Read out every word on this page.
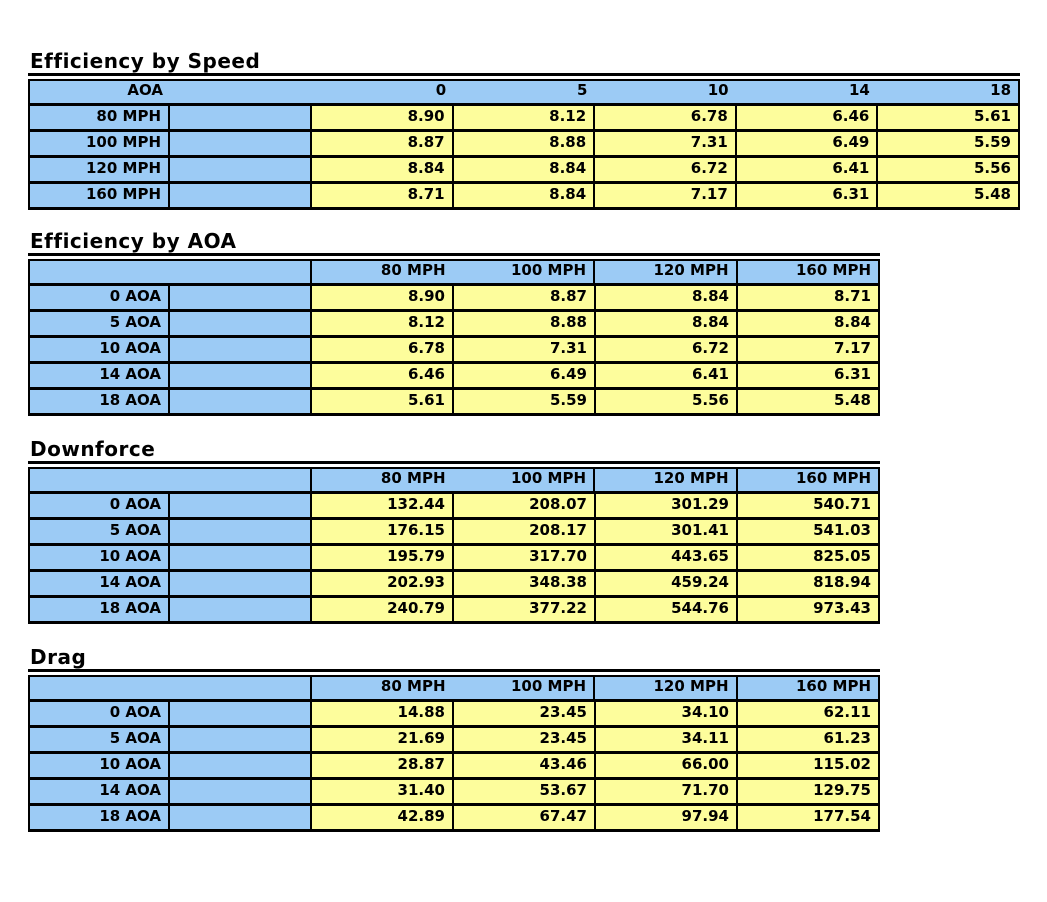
Efficiency by Speed
AOA	0	5	10	14	18
80 MPH	8.90	8.12	6.78	6.46	5.61
100 MPH	8.87	8.88	7.31	6.49	5.59
120 MPH	8.84	8.84	6.72	6.41	5.56
160 MPH	8.71	8.84	7.17	6.31	5.48
Efficiency by AOA
80 MPH	100 MPH	120 MPH	160 MPH
0 AOA	8.90	8.87	8.84	8.71
5 AOA	8.12	8.88	8.84	8.84
10 AOA	6.78	7.31	6.72	7.17
14 AOA	6.46	6.49	6.41	6.31
18 AOA	5.61	5.59	5.56	5.48
Downforce
80 MPH	100 MPH	120 MPH	160 MPH
0 AOA	132.44	208.07	301.29	540.71
5 AOA	176.15	208.17	301.41	541.03
10 AOA	195.79	317.70	443.65	825.05
14 AOA	202.93	348.38	459.24	818.94
18 AOA	240.79	377.22	544.76	973.43
Drag
80 MPH	100 MPH	120 MPH	160 MPH
0 AOA	14.88	23.45	34.10	62.11
5 AOA	21.69	23.45	34.11	61.23
10 AOA	28.87	43.46	66.00	115.02
14 AOA	31.40	53.67	71.70	129.75
18 AOA	42.89	67.47	97.94	177.54
